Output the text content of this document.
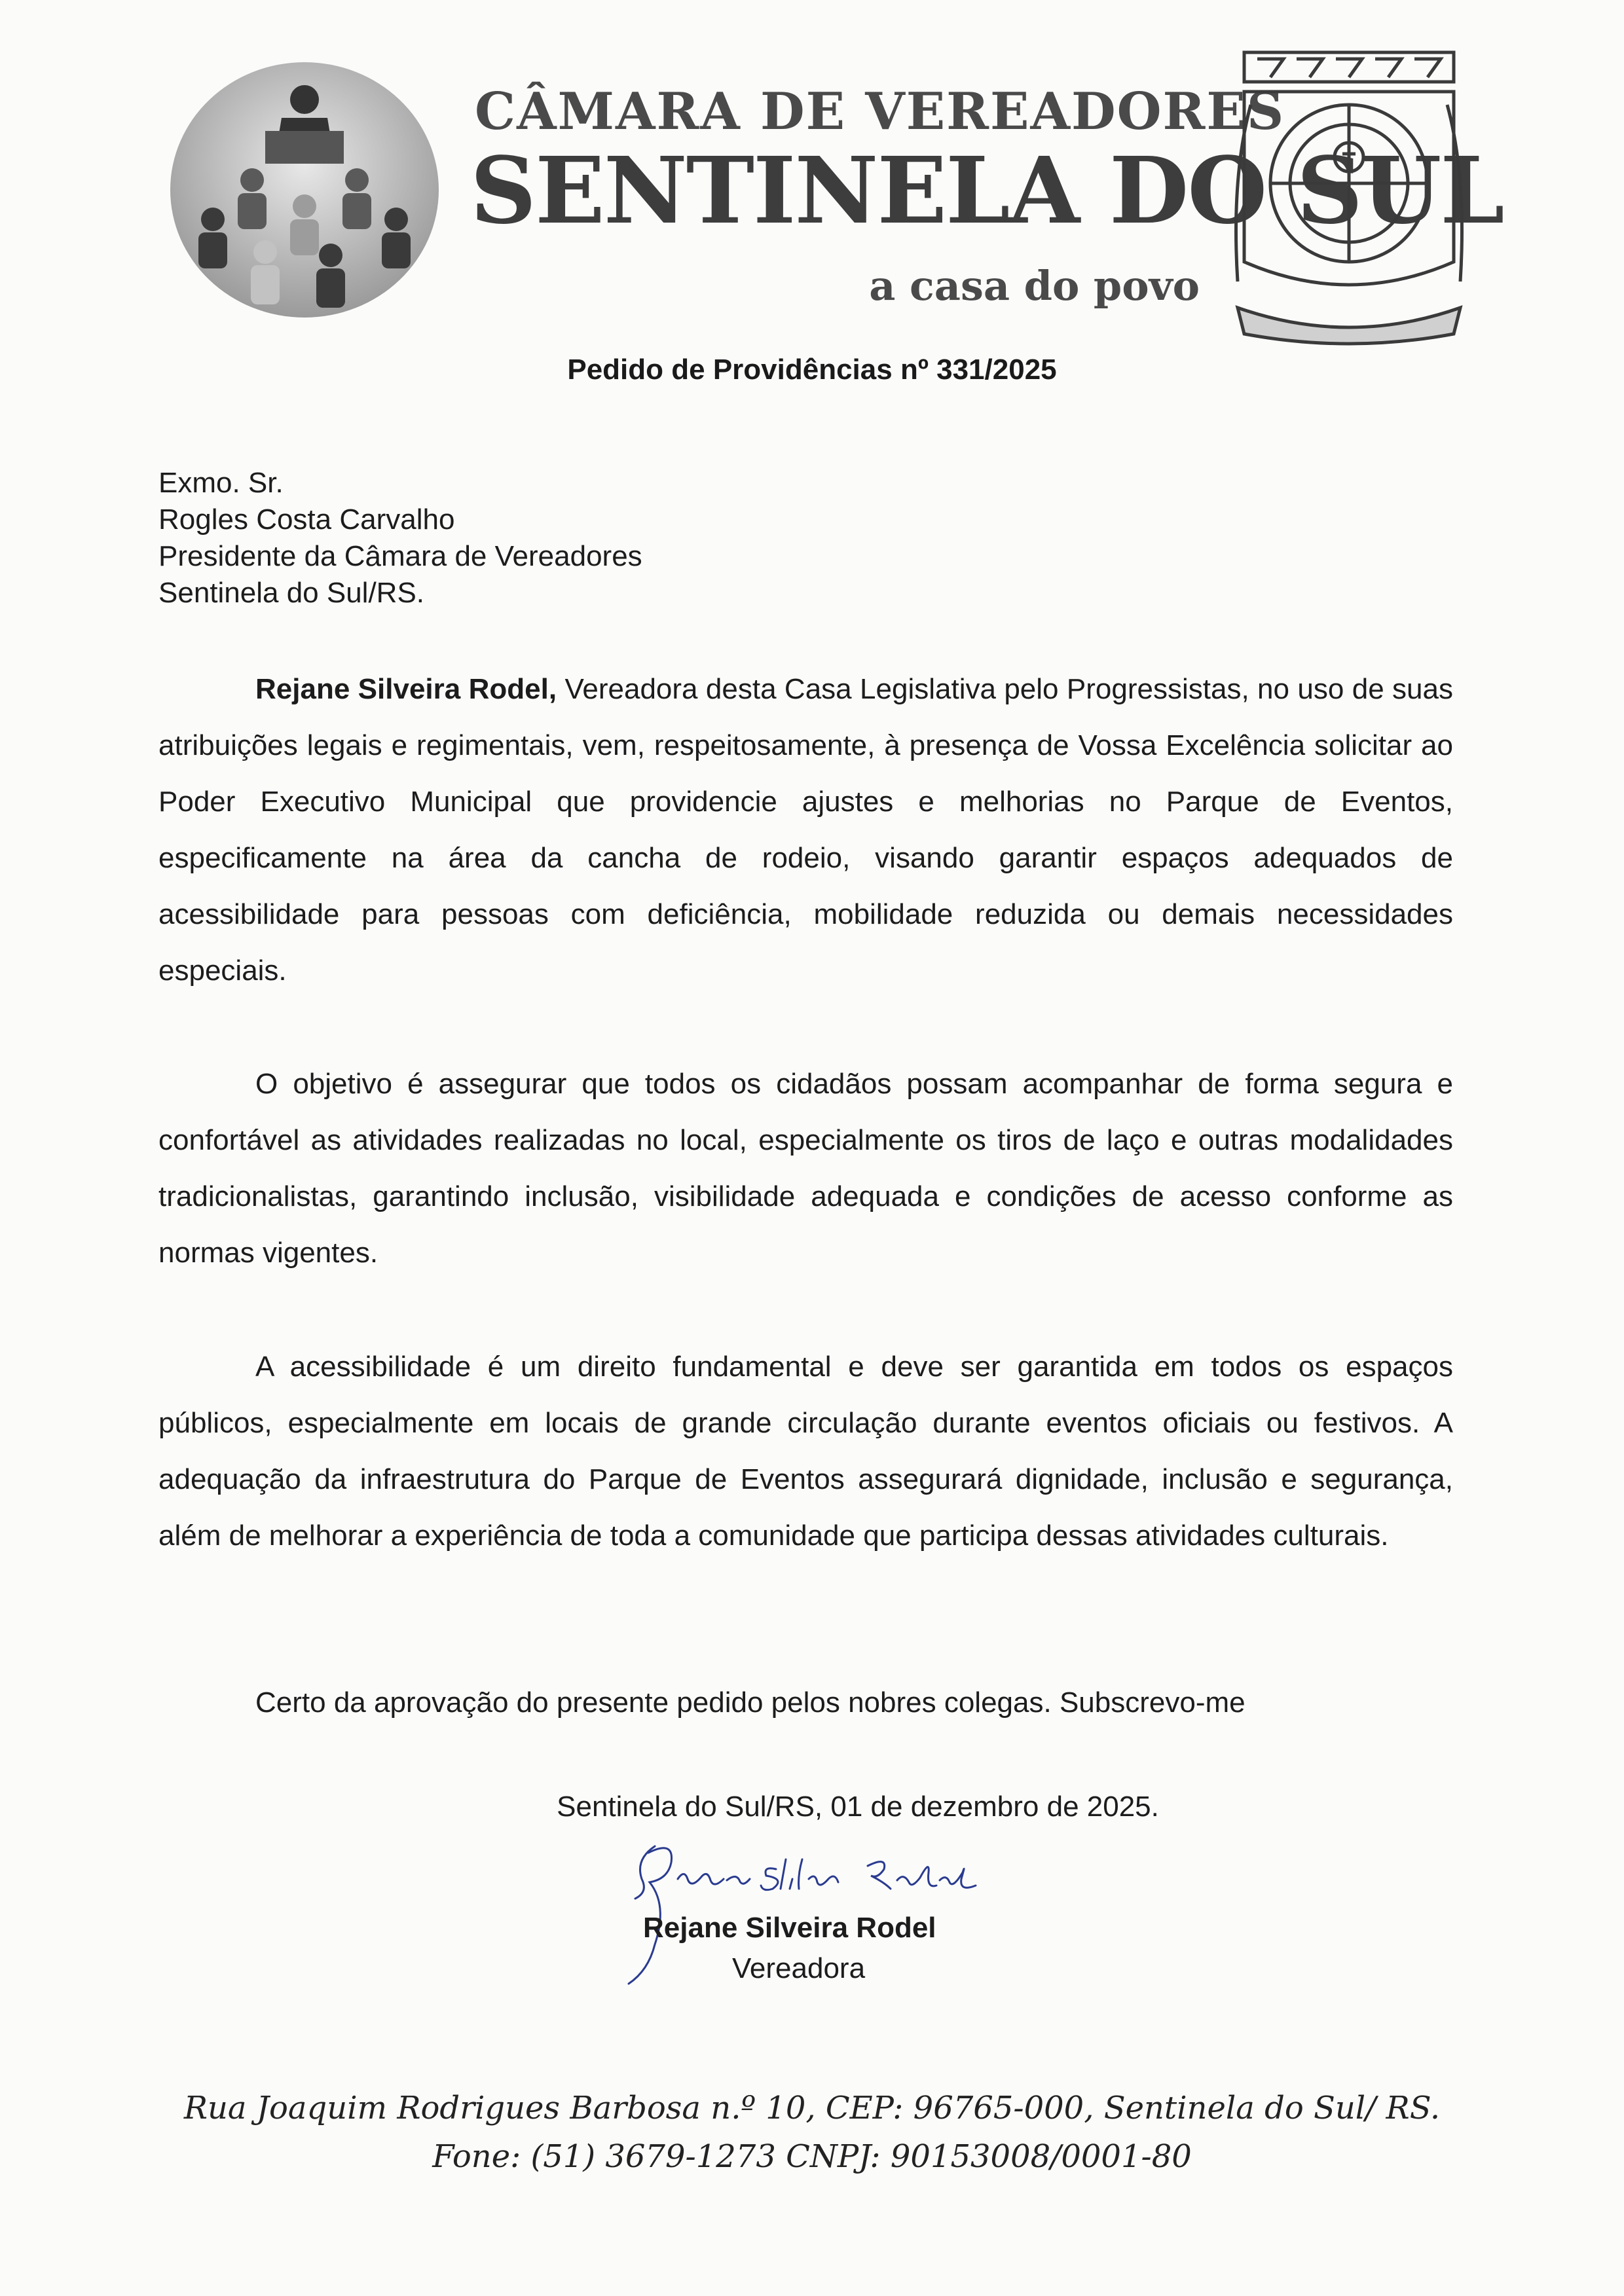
CÂMARA DE VEREADORES
SENTINELA DO SUL
a casa do povo
Pedido de Providências nº 331/2025
Exmo. Sr.
Rogles Costa Carvalho
Presidente da Câmara de Vereadores
Sentinela do Sul/RS.
Rejane Silveira Rodel, Vereadora desta Casa Legislativa pelo Progressistas, no uso de suas atribuições legais e regimentais, vem, respeitosamente, à presença de Vossa Excelência solicitar ao Poder Executivo Municipal que providencie ajustes e melhorias no Parque de Eventos, especificamente na área da cancha de rodeio, visando garantir espaços adequados de acessibilidade para pessoas com deficiência, mobilidade reduzida ou demais necessidades especiais.
O objetivo é assegurar que todos os cidadãos possam acompanhar de forma segura e confortável as atividades realizadas no local, especialmente os tiros de laço e outras modalidades tradicionalistas, garantindo inclusão, visibilidade adequada e condições de acesso conforme as normas vigentes.
A acessibilidade é um direito fundamental e deve ser garantida em todos os espaços públicos, especialmente em locais de grande circulação durante eventos oficiais ou festivos. A adequação da infraestrutura do Parque de Eventos assegurará dignidade, inclusão e segurança, além de melhorar a experiência de toda a comunidade que participa dessas atividades culturais.
Certo da aprovação do presente pedido pelos nobres colegas. Subscrevo-me
Sentinela do Sul/RS, 01 de dezembro de 2025.
Rejane Silveira Rodel
Vereadora
Rua Joaquim Rodrigues Barbosa n.º 10, CEP: 96765-000, Sentinela do Sul/ RS.
Fone: (51) 3679-1273 CNPJ: 90153008/0001-80
